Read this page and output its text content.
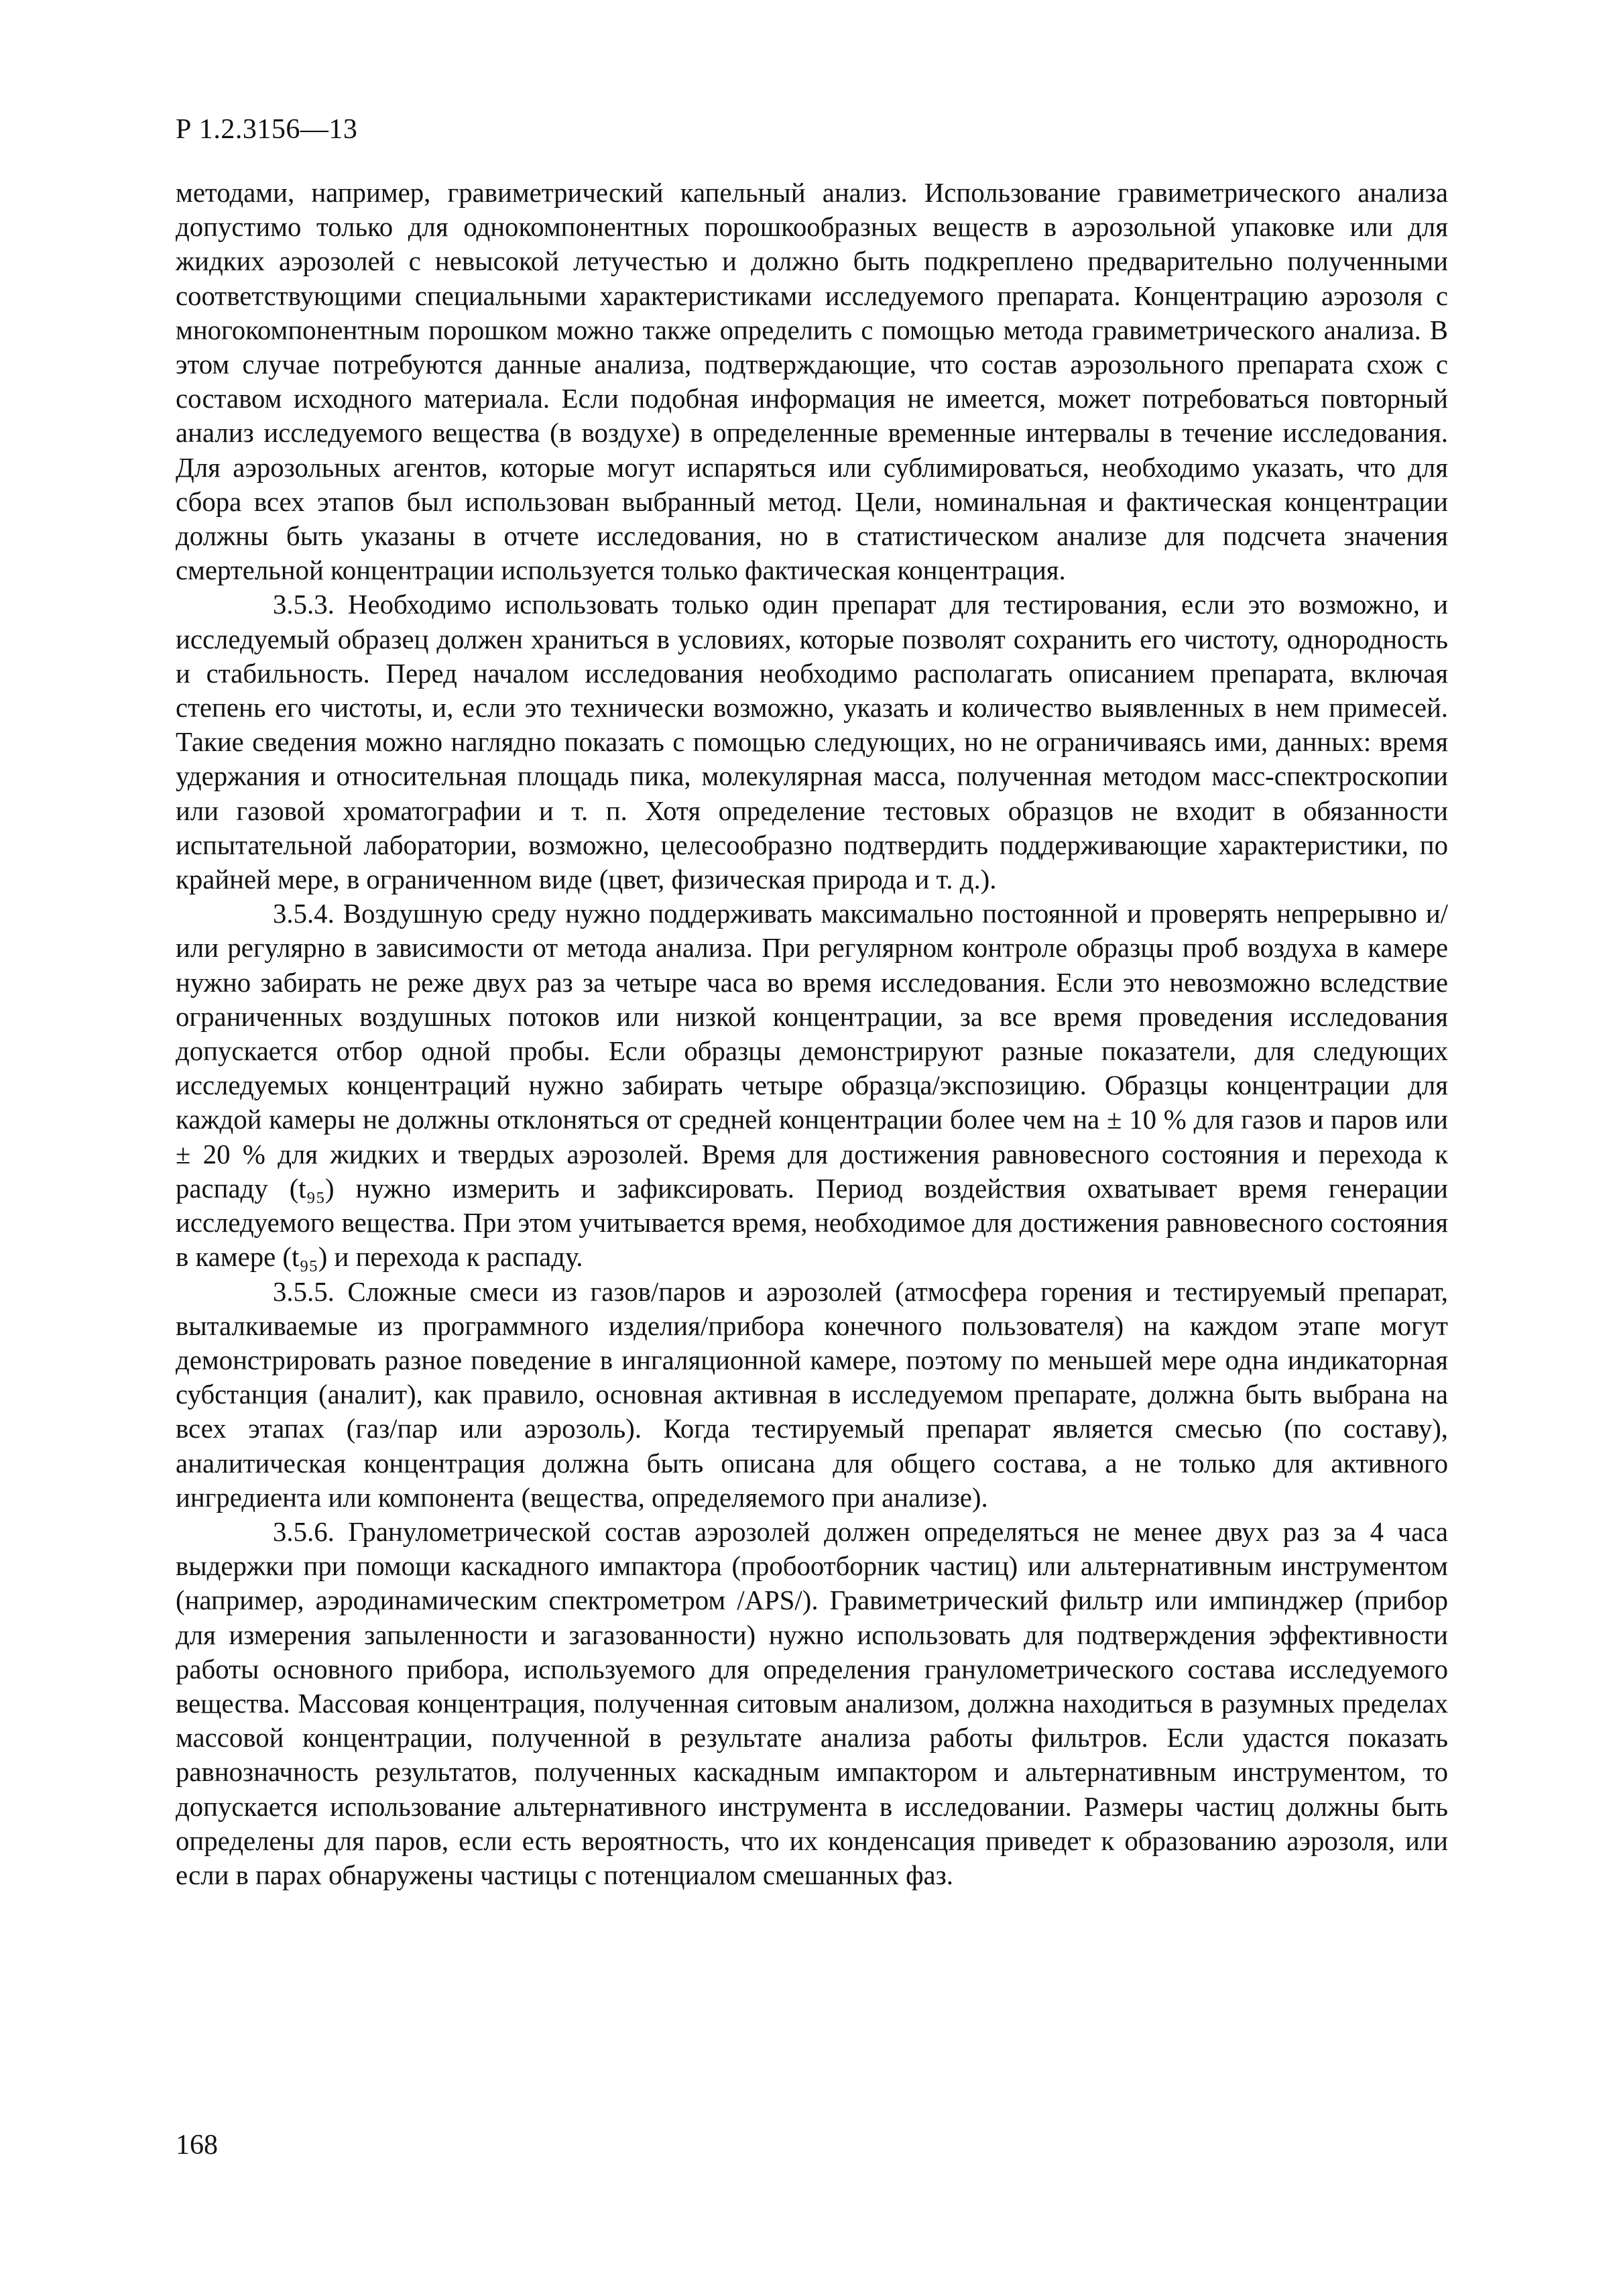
Р 1.2.3156—13

методами, например, гравиметрический капельный анализ. Использование гравиметрического анализа допустимо только для однокомпонентных порошкообразных веществ в аэрозольной упаковке или для жидких аэрозолей с невысокой летучестью и должно быть подкреплено предварительно полученными соответствующими специальными характеристиками исследуемого препарата. Концентрацию аэрозоля с многокомпонентным порошком можно также определить с помощью метода гравиметрического анализа. В этом случае потребуются данные анализа, подтверждающие, что состав аэрозольного препарата схож с составом исходного материала. Если подобная информация не имеется, может потребоваться повторный анализ исследуемого вещества (в воздухе) в определенные временные интервалы в течение исследования. Для аэрозольных агентов, которые могут испаряться или сублимироваться, необходимо указать, что для сбора всех этапов был использован выбранный метод. Цели, номинальная и фактическая концентрации должны быть указаны в отчете исследования, но в статистическом анализе для подсчета значения смертельной концентрации используется только фактическая концентрация.

3.5.3. Необходимо использовать только один препарат для тестирования, если это возможно, и исследуемый образец должен храниться в условиях, которые позволят сохранить его чистоту, однородность и стабильность. Перед началом исследования необходимо располагать описанием препарата, включая степень его чистоты, и, если это технически возможно, указать и количество выявленных в нем примесей. Такие сведения можно наглядно показать с помощью следующих, но не ограничиваясь ими, данных: время удержания и относительная площадь пика, молекулярная масса, полученная методом масс-спектроскопии или газовой хроматографии и т. п. Хотя определение тестовых образцов не входит в обязанности испытательной лаборатории, возможно, целесообразно подтвердить поддерживающие характеристики, по крайней мере, в ограниченном виде (цвет, физическая природа и т. д.).

3.5.4. Воздушную среду нужно поддерживать максимально постоянной и проверять непрерывно и/или регулярно в зависимости от метода анализа. При регулярном контроле образцы проб воздуха в камере нужно забирать не реже двух раз за четыре часа во время исследования. Если это невозможно вследствие ограниченных воздушных потоков или низкой концентрации, за все время проведения исследования допускается отбор одной пробы. Если образцы демонстрируют разные показатели, для следующих исследуемых концентраций нужно забирать четыре образца/экспозицию. Образцы концентрации для каждой камеры не должны отклоняться от средней концентрации более чем на ± 10 % для газов и паров или ± 20 % для жидких и твердых аэрозолей. Время для достижения равновесного состояния и перехода к распаду (t₉₅) нужно измерить и зафиксировать. Период воздействия охватывает время генерации исследуемого вещества. При этом учитывается время, необходимое для достижения равновесного состояния в камере (t₉₅) и перехода к распаду.

3.5.5. Сложные смеси из газов/паров и аэрозолей (атмосфера горения и тестируемый препарат, выталкиваемые из программного изделия/прибора конечного пользователя) на каждом этапе могут демонстрировать разное поведение в ингаляционной камере, поэтому по меньшей мере одна индикаторная субстанция (аналит), как правило, основная активная в исследуемом препарате, должна быть выбрана на всех этапах (газ/пар или аэрозоль). Когда тестируемый препарат является смесью (по составу), аналитическая концентрация должна быть описана для общего состава, а не только для активного ингредиента или компонента (вещества, определяемого при анализе).

3.5.6. Гранулометрической состав аэрозолей должен определяться не менее двух раз за 4 часа выдержки при помощи каскадного импактора (пробоотборник частиц) или альтернативным инструментом (например, аэродинамическим спектрометром /APS/). Гравиметрический фильтр или импинджер (прибор для измерения запыленности и загазованности) нужно использовать для подтверждения эффективности работы основного прибора, используемого для определения гранулометрического состава исследуемого вещества. Массовая концентрация, полученная ситовым анализом, должна находиться в разумных пределах массовой концентрации, полученной в результате анализа работы фильтров. Если удастся показать равнозначность результатов, полученных каскадным импактором и альтернативным инструментом, то допускается использование альтернативного инструмента в исследовании. Размеры частиц должны быть определены для паров, если есть вероятность, что их конденсация приведет к образованию аэрозоля, или если в парах обнаружены частицы с потенциалом смешанных фаз.

168
